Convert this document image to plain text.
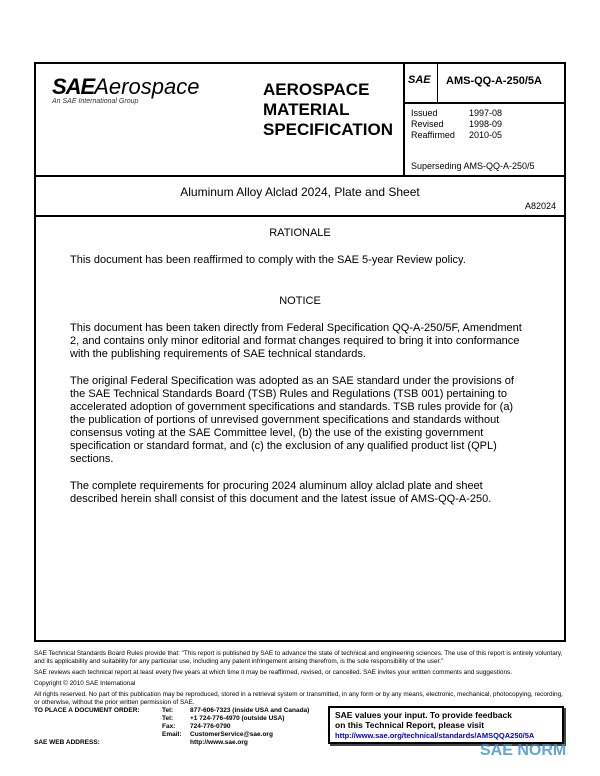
SAEAerospace
An SAE International Group
AEROSPACE
MATERIAL
SPECIFICATION
SAE	AMS-QQ-A-250/5A
Issued	1997-08
Revised	1998-09
Reaffirmed	2010-05
Superseding AMS-QQ-A-250/5
Aluminum Alloy Alclad 2024, Plate and Sheet
A82024
RATIONALE

This document has been reaffirmed to comply with the SAE 5-year Review policy.

NOTICE

This document has been taken directly from Federal Specification QQ-A-250/5F, Amendment 2, and contains only minor editorial and format changes required to bring it into conformance with the publishing requirements of SAE technical standards.

The original Federal Specification was adopted as an SAE standard under the provisions of the SAE Technical Standards Board (TSB) Rules and Regulations (TSB 001) pertaining to accelerated adoption of government specifications and standards. TSB rules provide for (a) the publication of portions of unrevised government specifications and standards without consensus voting at the SAE Committee level, (b) the use of the existing government specification or standard format, and (c) the exclusion of any qualified product list (QPL) sections.

The complete requirements for procuring 2024 aluminum alloy alclad plate and sheet described herein shall consist of this document and the latest issue of AMS-QQ-A-250.

SAE Technical Standards Board Rules provide that: "This report is published by SAE to advance the state of technical and engineering sciences. The use of this report is entirely voluntary, and its applicability and suitability for any particular use, including any patent infringement arising therefrom, is the sole responsibility of the user."

SAE reviews each technical report at least every five years at which time it may be reaffirmed, revised, or cancelled. SAE invites your written comments and suggestions.

Copyright © 2010 SAE International

All rights reserved. No part of this publication may be reproduced, stored in a retrieval system or transmitted, in any form or by any means, electronic, mechanical, photocopying, recording, or otherwise, without the prior written permission of SAE.

TO PLACE A DOCUMENT ORDER:	Tel:	877-606-7323 (inside USA and Canada)
Tel:	+1 724-776-4970 (outside USA)
Fax:	724-776-0790
Email:	CustomerService@sae.org
SAE WEB ADDRESS:	http://www.sae.org
SAE values your input. To provide feedback
on this Technical Report, please visit
http://www.sae.org/technical/standards/AMSQQA250/5A
SAE NORM
